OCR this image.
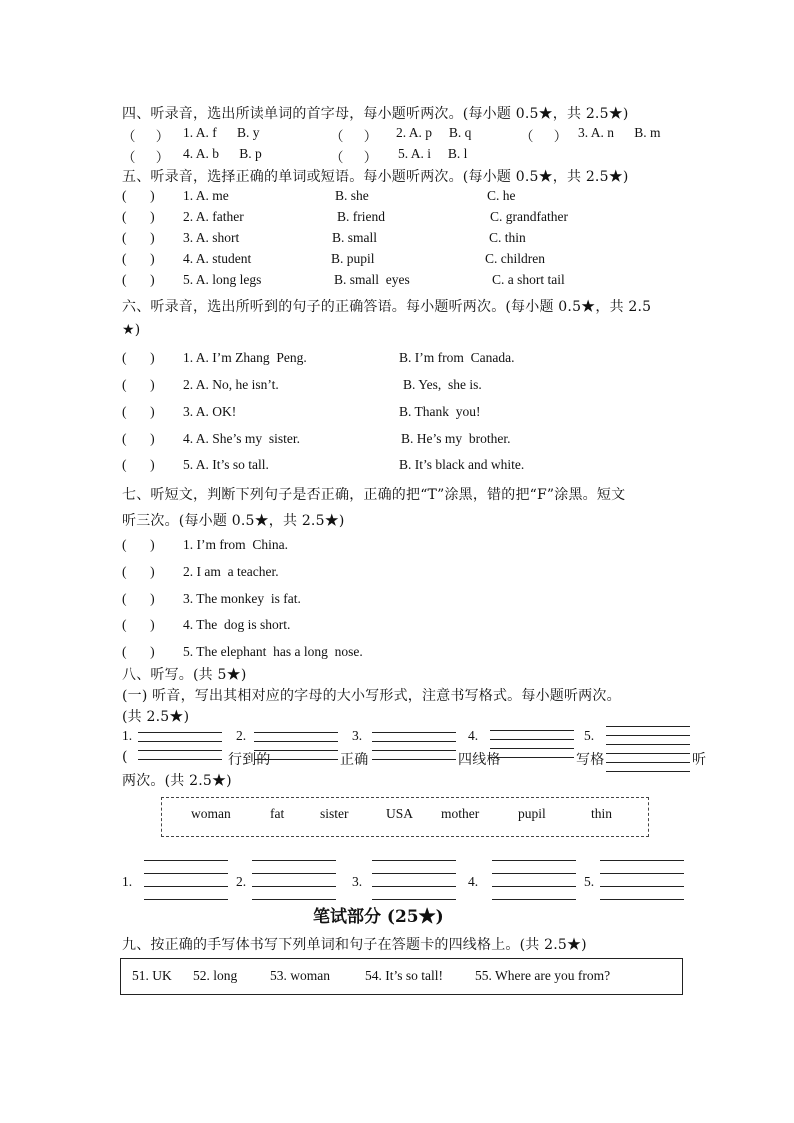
四、听录音，选出所读单词的首字母，每小题听两次。(每小题 0.5★，共 2.5★)
（      ） 1. A. f      B. y	（      ） 2. A. p     B. q	（      ） 3. A. n      B. m
（      ） 4. A. b      B. p	（      ） 5. A. i     B. l
五、听录音，选择正确的单词或短语。每小题听两次。(每小题 0.5★，共 2.5★)
(       ) 1. A. me	B. she	C. he
(       ) 2. A. father	B. friend	C. grandfather
(       ) 3. A. short	B. small	C. thin
(       ) 4. A. student	B. pupil	C. children
(       ) 5. A. long legs	B. small  eyes	C. a short tail
六、听录音，选出所听到的句子的正确答语。每小题听两次。(每小题 0.5★，共 2.5
★)
(       ) 1. A. I’m Zhang  Peng.	B. I’m from  Canada.
(       ) 2. A. No, he isn’t.	B. Yes,  she is.
(       ) 3. A. OK!	B. Thank  you!
(       ) 4. A. She’s my  sister.	B. He’s my  brother.
(       ) 5. A. It’s so tall.	B. It’s black and white.
七、听短文，判断下列句子是否正确，正确的把“T”涂黑，错的把“F”涂黑。短文
听三次。(每小题 0.5★，共 2.5★)
(       ) 1. I’m from  China.
(       ) 2. I am  a teacher.
(       ) 3. The monkey  is fat.
(       ) 4. The  dog is short.
(       ) 5. The elephant  has a long  nose.
八、听写。(共 5★)
(一) 听音，写出其相对应的字母的大小写形式，注意书写格式。每小题听两次。
(共 2.5★)
1.	2.	3.	4.	5.
(	行到的	正确	四线格	写格	听
两次。(共 2.5★)
woman	fat	sister	USA mother	pupil	thin
1.	2.	3.	4.	5.
笔试部分 (25★)
九、按正确的手写体书写下列单词和句子在答题卡的四线格上。(共 2.5★)
51. UK 52. long 53. woman	54. It’s so tall! 55. Where are you from?
